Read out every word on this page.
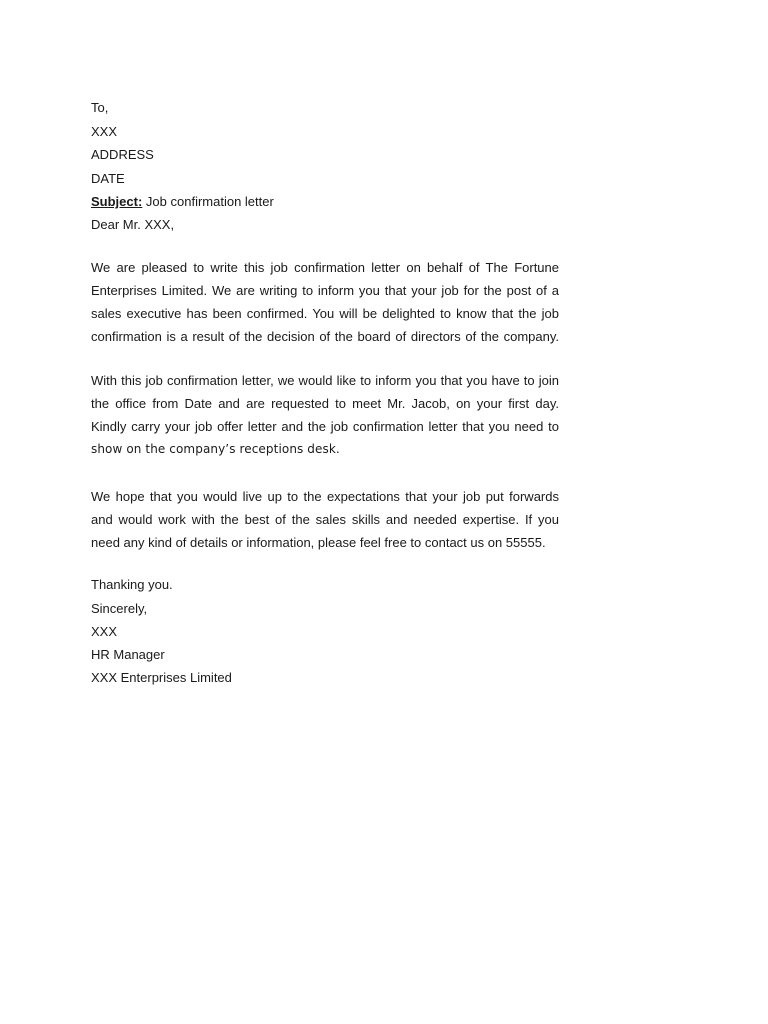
To,
XXX
ADDRESS
DATE
Subject: Job confirmation letter
Dear Mr. XXX,
We are pleased to write this job confirmation letter on behalf of The Fortune
Enterprises Limited. We are writing to inform you that your job for the post of a
sales executive has been confirmed. You will be delighted to know that the job
confirmation is a result of the decision of the board of directors of the company.
With this job confirmation letter, we would like to inform you that you have to join
the office from Date and are requested to meet Mr. Jacob, on your first day.
Kindly carry your job offer letter and the job confirmation letter that you need to
show on the company’s receptions desk.
We hope that you would live up to the expectations that your job put forwards
and would work with the best of the sales skills and needed expertise. If you
need any kind of details or information, please feel free to contact us on 55555.
Thanking you.
Sincerely,
XXX
HR Manager
XXX Enterprises Limited
